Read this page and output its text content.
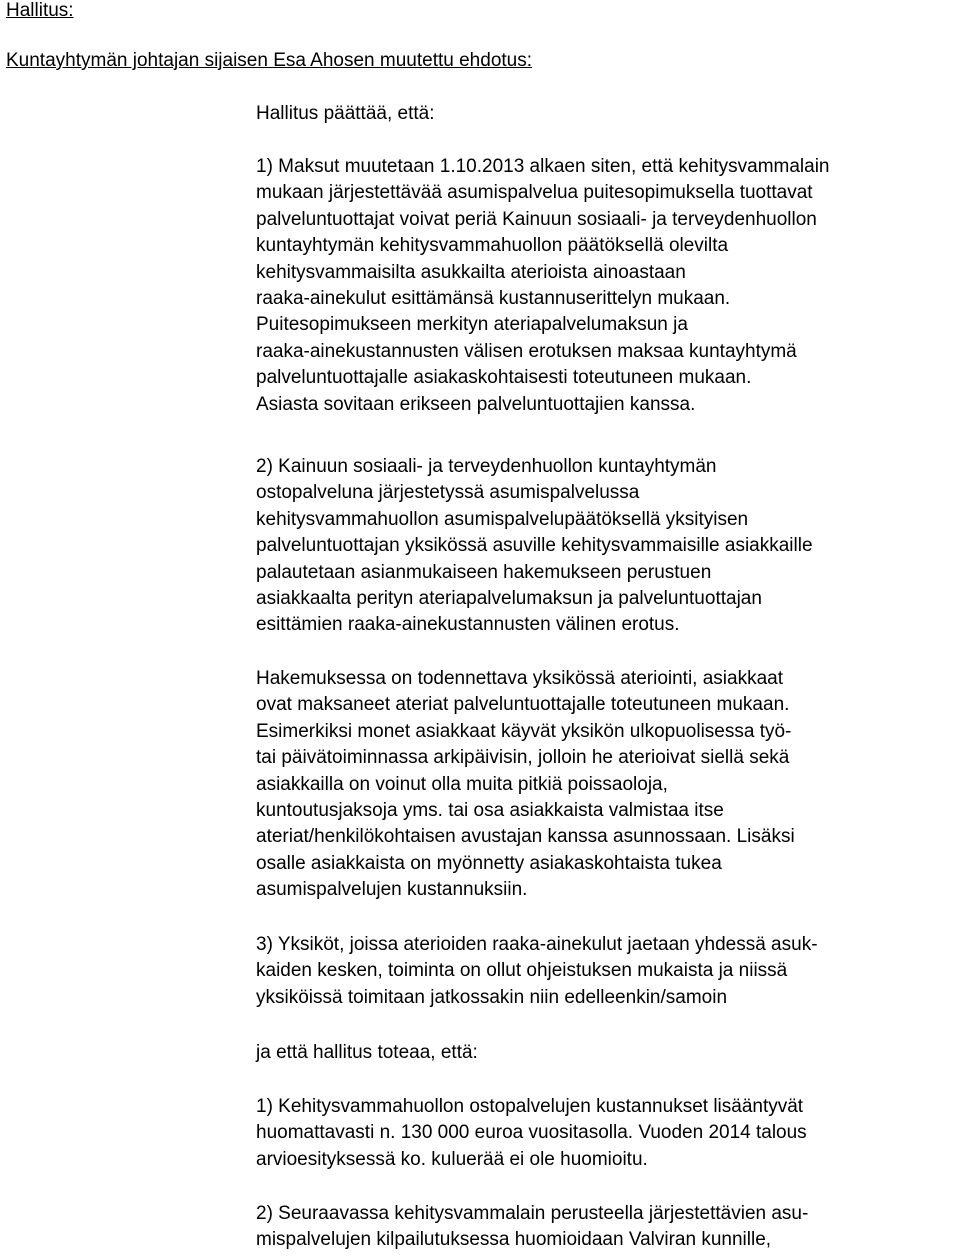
Hallitus:
Kuntayhtymän johtajan sijaisen Esa Ahosen muutettu ehdotus:

Hallitus päättää, että:

1) Maksut muutetaan 1.10.2013 alkaen siten, että kehitysvammalain
mukaan järjestettävää asumispalvelua puitesopimuksella tuottavat
palveluntuottajat voivat periä Kainuun sosiaali- ja terveydenhuollon
kuntayhtymän kehitysvammahuollon päätöksellä olevilta
kehitysvammaisilta asukkailta aterioista ainoastaan
raaka-ainekulut esittämänsä kustannuserittelyn mukaan.
Puitesopimukseen merkityn ateriapalvelumaksun ja
raaka-ainekustannusten välisen erotuksen maksaa kuntayhtymä
palveluntuottajalle asiakaskohtaisesti toteutuneen mukaan.
Asiasta sovitaan erikseen palveluntuottajien kanssa.

2) Kainuun sosiaali- ja terveydenhuollon kuntayhtymän
ostopalveluna järjestetyssä asumispalvelussa
kehitysvammahuollon asumispalvelupäätöksellä yksityisen
palveluntuottajan yksikössä asuville kehitysvammaisille asiakkaille
palautetaan asianmukaiseen hakemukseen perustuen
asiakkaalta perityn ateriapalvelumaksun ja palveluntuottajan
esittämien raaka-ainekustannusten välinen erotus.

Hakemuksessa on todennettava yksikössä ateriointi, asiakkaat
ovat maksaneet ateriat palveluntuottajalle toteutuneen mukaan.
Esimerkiksi monet asiakkaat käyvät yksikön ulkopuolisessa työ-
tai päivätoiminnassa arkipäivisin, jolloin he aterioivat siellä sekä
asiakkailla on voinut olla muita pitkiä poissaoloja,
kuntoutusjaksoja yms. tai osa asiakkaista valmistaa itse
ateriat/henkilökohtaisen avustajan kanssa asunnossaan. Lisäksi
osalle asiakkaista on myönnetty asiakaskohtaista tukea
asumispalvelujen kustannuksiin.

3) Yksiköt, joissa aterioiden raaka-ainekulut jaetaan yhdessä asuk-
kaiden kesken, toiminta on ollut ohjeistuksen mukaista ja niissä
yksiköissä toimitaan jatkossakin niin edelleenkin/samoin

ja että hallitus toteaa, että:

1) Kehitysvammahuollon ostopalvelujen kustannukset lisääntyvät
huomattavasti n. 130 000 euroa vuositasolla. Vuoden 2014 talous
arvioesityksessä ko. kuluerää ei ole huomioitu.

2) Seuraavassa kehitysvammalain perusteella järjestettävien asu-
mispalvelujen kilpailutuksessa huomioidaan Valviran kunnille,
